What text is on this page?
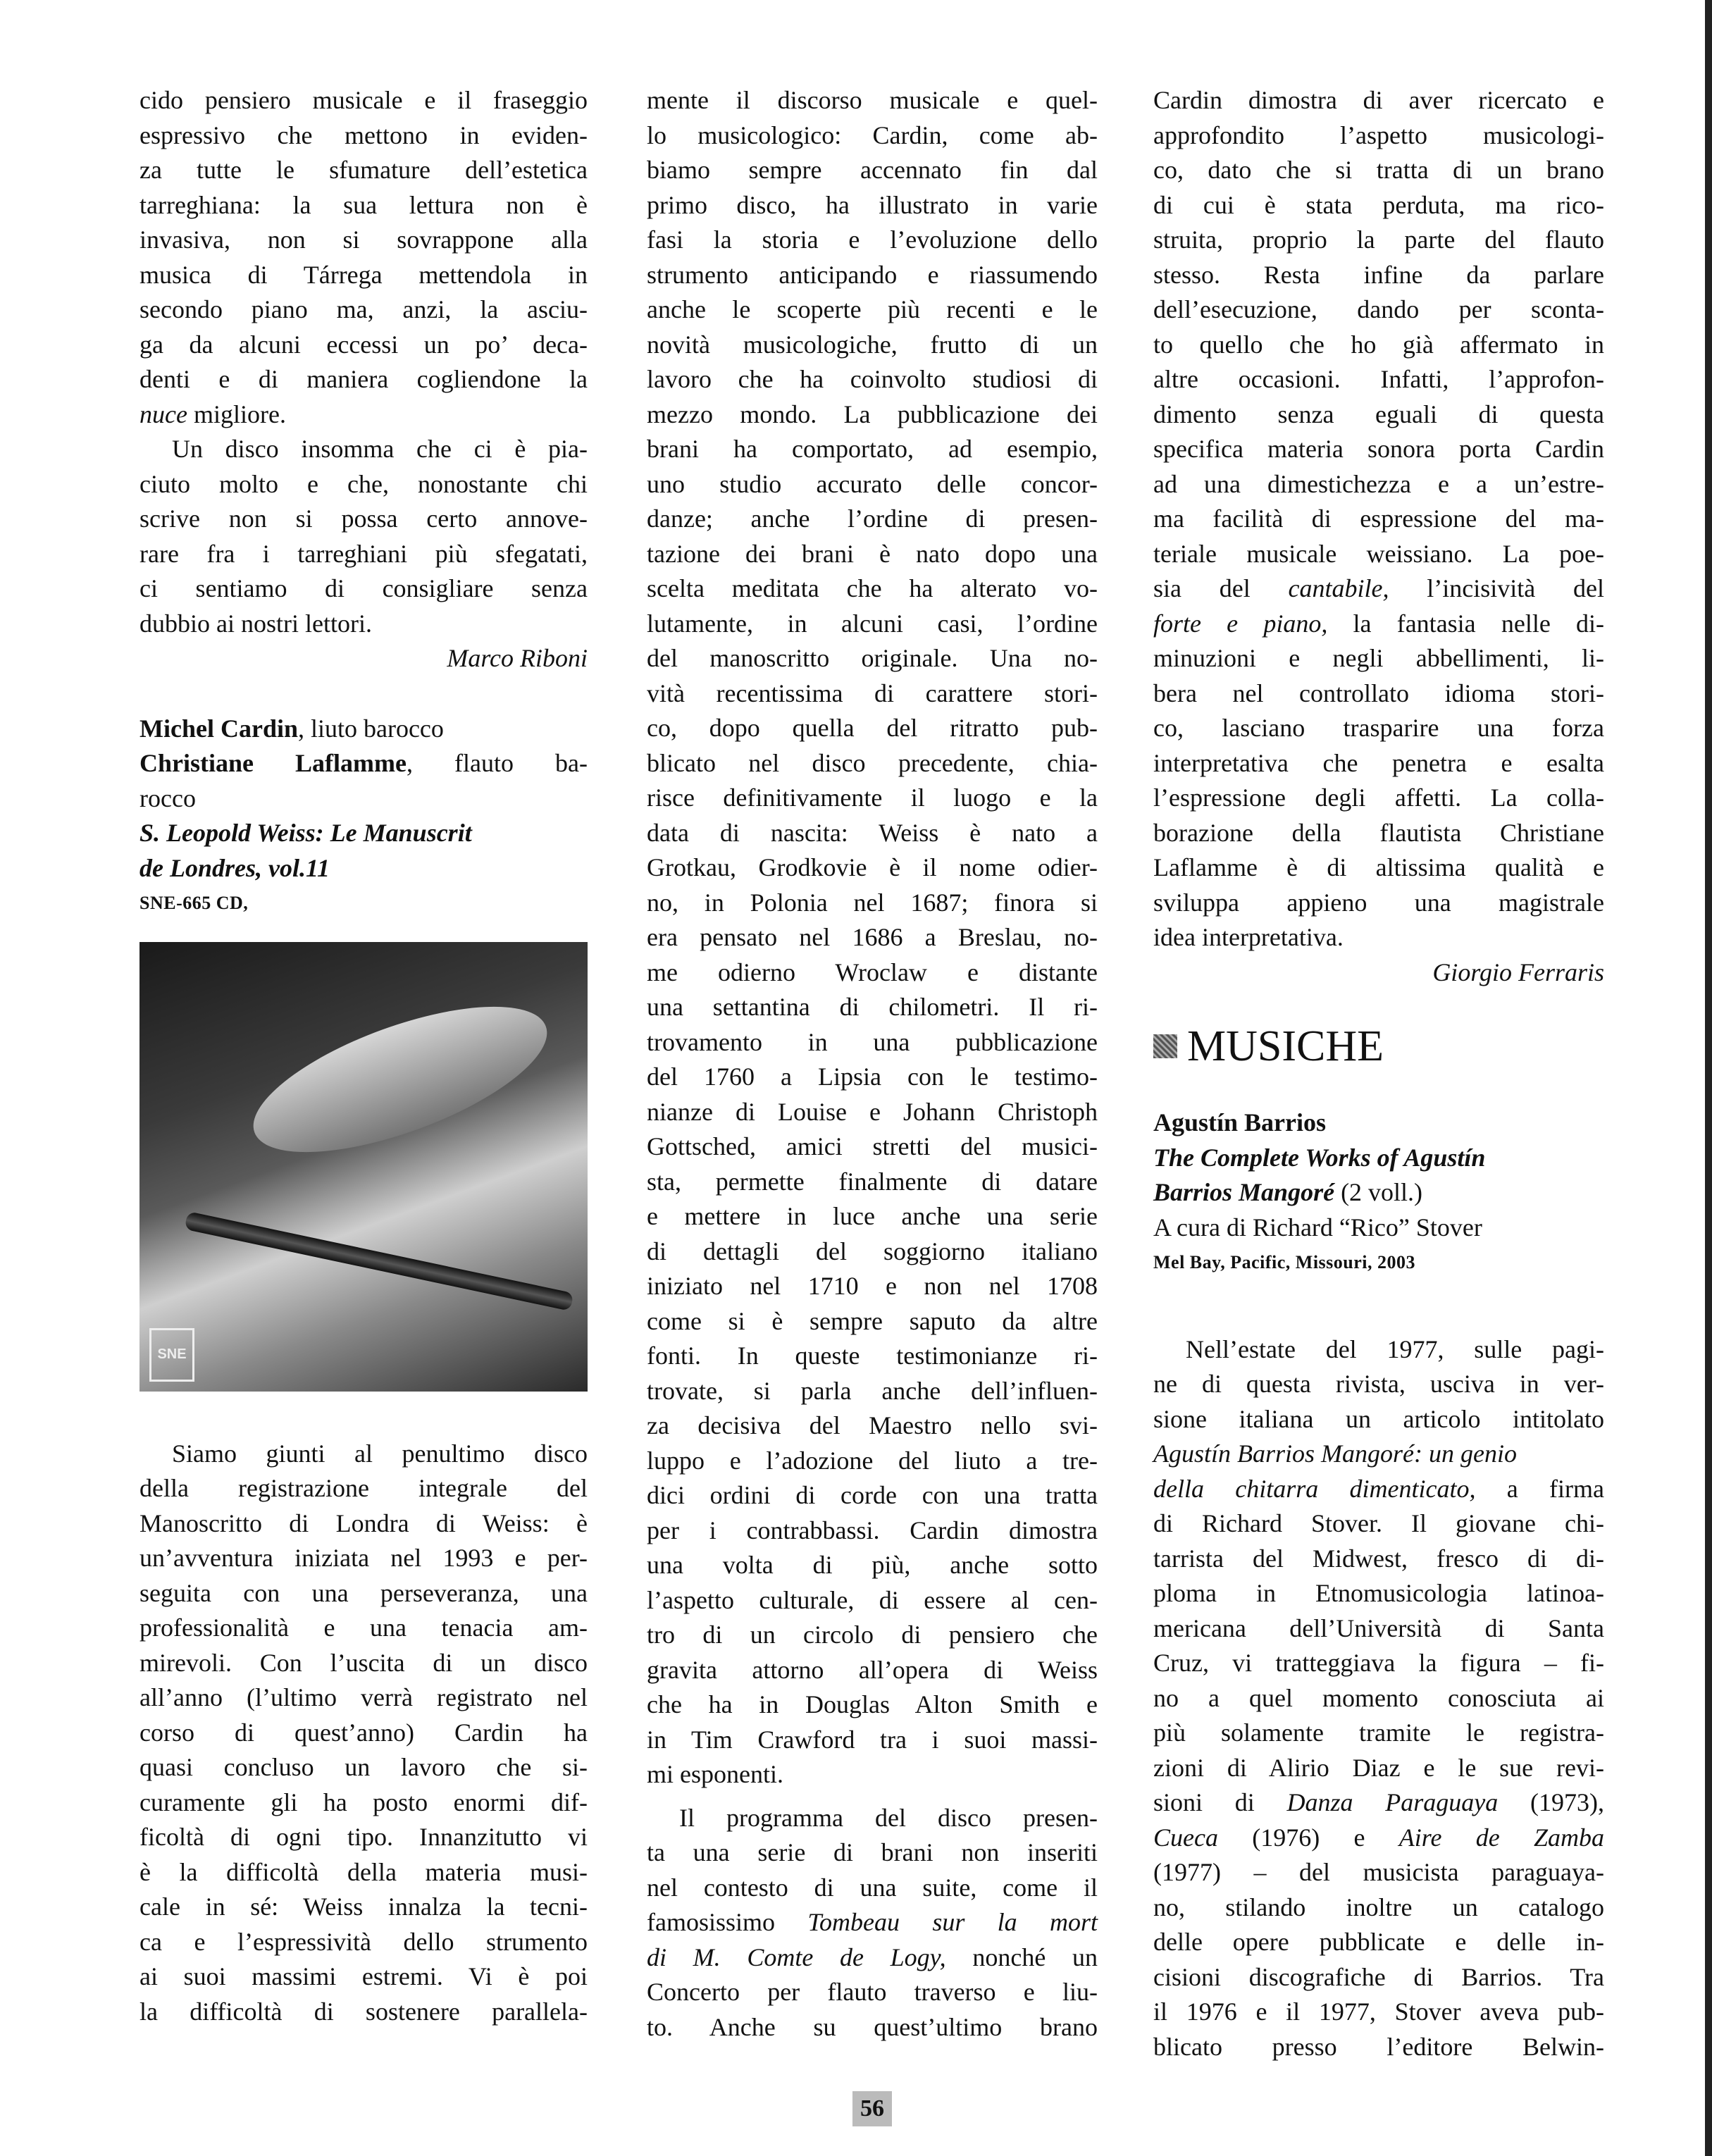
cido pensiero musicale e il fraseggio
espressivo che mettono in eviden-
za tutte le sfumature dell’estetica
tarreghiana: la sua lettura non è
invasiva, non si sovrappone alla
musica di Tárrega mettendola in
secondo piano ma, anzi, la asciu-
ga da alcuni eccessi un po’ deca-
denti e di maniera cogliendone la
nuce migliore.
Un disco insomma che ci è pia-
ciuto molto e che, nonostante chi
scrive non si possa certo annove-
rare fra i tarreghiani più sfegatati,
ci sentiamo di consigliare senza
dubbio ai nostri lettori.
Marco Riboni
Michel Cardin, liuto barocco
Christiane Laflamme, flauto ba-
rocco
S. Leopold Weiss: Le Manuscrit
de Londres, vol.11
SNE-665 CD,
SNE
Siamo giunti al penultimo disco
della registrazione integrale del
Manoscritto di Londra di Weiss: è
un’avventura iniziata nel 1993 e per-
seguita con una perseveranza, una
professionalità e una tenacia am-
mirevoli. Con l’uscita di un disco
all’anno (l’ultimo verrà registrato nel
corso di quest’anno) Cardin ha
quasi concluso un lavoro che si-
curamente gli ha posto enormi dif-
ficoltà di ogni tipo. Innanzitutto vi
è la difficoltà della materia musi-
cale in sé: Weiss innalza la tecni-
ca e l’espressività dello strumento
ai suoi massimi estremi. Vi è poi
la difficoltà di sostenere parallela-
mente il discorso musicale e quel-
lo musicologico: Cardin, come ab-
biamo sempre accennato fin dal
primo disco, ha illustrato in varie
fasi la storia e l’evoluzione dello
strumento anticipando e riassumendo
anche le scoperte più recenti e le
novità musicologiche, frutto di un
lavoro che ha coinvolto studiosi di
mezzo mondo. La pubblicazione dei
brani ha comportato, ad esempio,
uno studio accurato delle concor-
danze; anche l’ordine di presen-
tazione dei brani è nato dopo una
scelta meditata che ha alterato vo-
lutamente, in alcuni casi, l’ordine
del manoscritto originale. Una no-
vità recentissima di carattere stori-
co, dopo quella del ritratto pub-
blicato nel disco precedente, chia-
risce definitivamente il luogo e la
data di nascita: Weiss è nato a
Grotkau, Grodkovie è il nome odier-
no, in Polonia nel 1687; finora si
era pensato nel 1686 a Breslau, no-
me odierno Wroclaw e distante
una settantina di chilometri. Il ri-
trovamento in una pubblicazione
del 1760 a Lipsia con le testimo-
nianze di Louise e Johann Christoph
Gottsched, amici stretti del musici-
sta, permette finalmente di datare
e mettere in luce anche una serie
di dettagli del soggiorno italiano
iniziato nel 1710 e non nel 1708
come si è sempre saputo da altre
fonti. In queste testimonianze ri-
trovate, si parla anche dell’influen-
za decisiva del Maestro nello svi-
luppo e l’adozione del liuto a tre-
dici ordini di corde con una tratta
per i contrabbassi. Cardin dimostra
una volta di più, anche sotto
l’aspetto culturale, di essere al cen-
tro di un circolo di pensiero che
gravita attorno all’opera di Weiss
che ha in Douglas Alton Smith e
in Tim Crawford tra i suoi massi-
mi esponenti.
Il programma del disco presen-
ta una serie di brani non inseriti
nel contesto di una suite, come il
famosissimo Tombeau sur la mort
di M. Comte de Logy, nonché un
Concerto per flauto traverso e liu-
to. Anche su quest’ultimo brano
Cardin dimostra di aver ricercato e
approfondito l’aspetto musicologi-
co, dato che si tratta di un brano
di cui è stata perduta, ma rico-
struita, proprio la parte del flauto
stesso. Resta infine da parlare
dell’esecuzione, dando per sconta-
to quello che ho già affermato in
altre occasioni. Infatti, l’approfon-
dimento senza eguali di questa
specifica materia sonora porta Cardin
ad una dimestichezza e a un’estre-
ma facilità di espressione del ma-
teriale musicale weissiano. La poe-
sia del cantabile, l’incisività del
forte e piano, la fantasia nelle di-
minuzioni e negli abbellimenti, li-
bera nel controllato idioma stori-
co, lasciano trasparire una forza
interpretativa che penetra e esalta
l’espressione degli affetti. La colla-
borazione della flautista Christiane
Laflamme è di altissima qualità e
sviluppa appieno una magistrale
idea interpretativa.
Giorgio Ferraris
MUSICHE
Agustín Barrios
The Complete Works of Agustín
Barrios Mangoré (2 voll.)
A cura di Richard “Rico” Stover
Mel Bay, Pacific, Missouri, 2003
Nell’estate del 1977, sulle pagi-
ne di questa rivista, usciva in ver-
sione italiana un articolo intitolato
Agustín Barrios Mangoré: un genio
della chitarra dimenticato, a firma
di Richard Stover. Il giovane chi-
tarrista del Midwest, fresco di di-
ploma in Etnomusicologia latinoa-
mericana dell’Università di Santa
Cruz, vi tratteggiava la figura – fi-
no a quel momento conosciuta ai
più solamente tramite le registra-
zioni di Alirio Diaz e le sue revi-
sioni di Danza Paraguaya (1973),
Cueca (1976) e Aire de Zamba
(1977) – del musicista paraguaya-
no, stilando inoltre un catalogo
delle opere pubblicate e delle in-
cisioni discografiche di Barrios. Tra
il 1976 e il 1977, Stover aveva pub-
blicato presso l’editore Belwin-
56
